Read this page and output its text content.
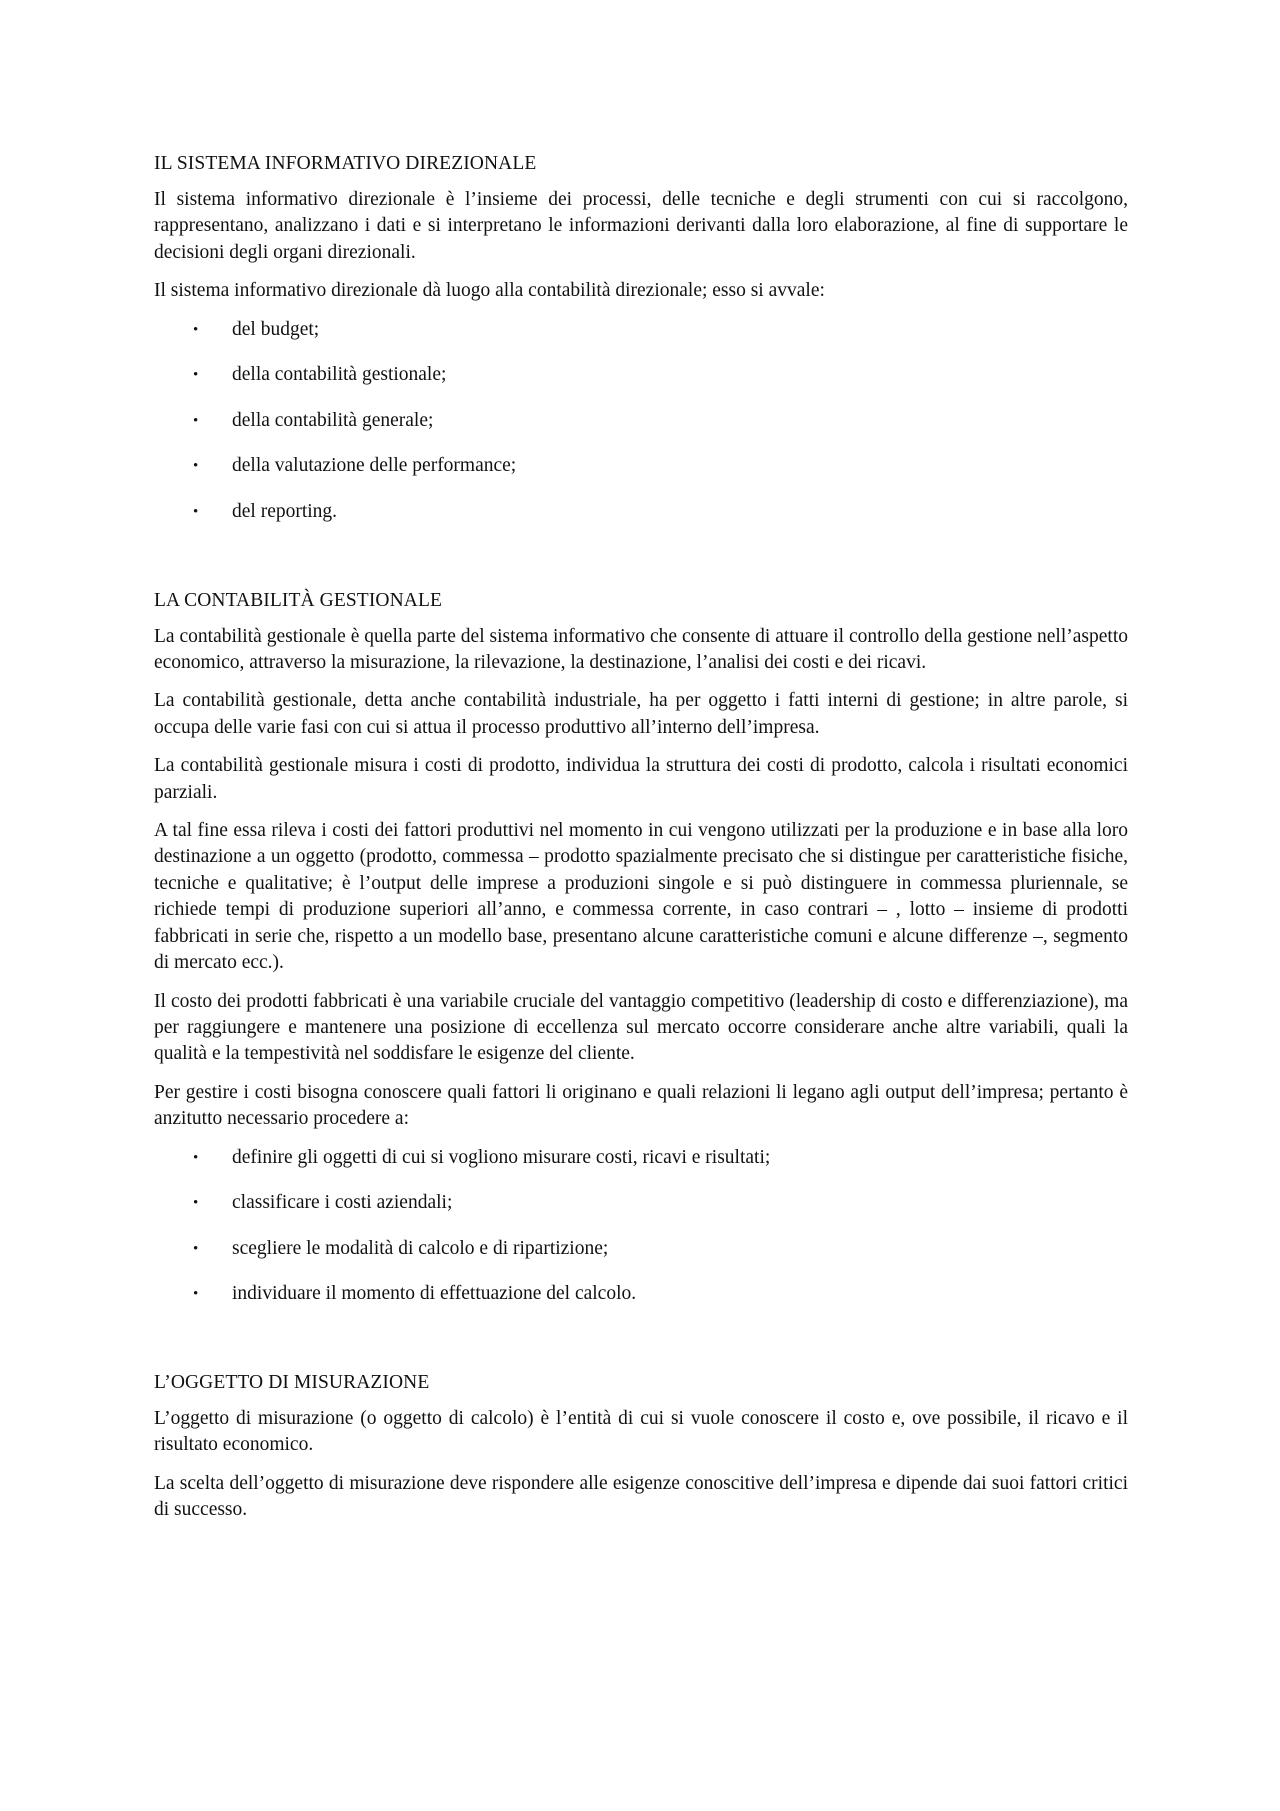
IL SISTEMA INFORMATIVO DIREZIONALE

Il sistema informativo direzionale è l’insieme dei processi, delle tecniche e degli strumenti con cui si raccolgono, rappresentano, analizzano i dati e si interpretano le informazioni derivanti dalla loro elaborazione, al fine di supportare le decisioni degli organi direzionali.

Il sistema informativo direzionale dà luogo alla contabilità direzionale; esso si avvale:

• del budget;
• della contabilità gestionale;
• della contabilità generale;
• della valutazione delle performance;
• del reporting.
LA CONTABILITÀ GESTIONALE

La contabilità gestionale è quella parte del sistema informativo che consente di attuare il controllo della gestione nell’aspetto economico, attraverso la misurazione, la rilevazione, la destinazione, l’analisi dei costi e dei ricavi.

La contabilità gestionale, detta anche contabilità industriale, ha per oggetto i fatti interni di gestione; in altre parole, si occupa delle varie fasi con cui si attua il processo produttivo all’interno dell’impresa.

La contabilità gestionale misura i costi di prodotto, individua la struttura dei costi di prodotto, calcola i risultati economici parziali.

A tal fine essa rileva i costi dei fattori produttivi nel momento in cui vengono utilizzati per la produzione e in base alla loro destinazione a un oggetto (prodotto, commessa – prodotto spazialmente precisato che si distingue per caratteristiche fisiche, tecniche e qualitative; è l’output delle imprese a produzioni singole e si può distinguere in commessa pluriennale, se richiede tempi di produzione superiori all’anno, e commessa corrente, in caso contrari – , lotto – insieme di prodotti fabbricati in serie che, rispetto a un modello base, presentano alcune caratteristiche comuni e alcune differenze –, segmento di mercato ecc.).

Il costo dei prodotti fabbricati è una variabile cruciale del vantaggio competitivo (leadership di costo e differenziazione), ma per raggiungere e mantenere una posizione di eccellenza sul mercato occorre considerare anche altre variabili, quali la qualità e la tempestività nel soddisfare le esigenze del cliente.

Per gestire i costi bisogna conoscere quali fattori li originano e quali relazioni li legano agli output dell’impresa; pertanto è anzitutto necessario procedere a:

• definire gli oggetti di cui si vogliono misurare costi, ricavi e risultati;
• classificare i costi aziendali;
• scegliere le modalità di calcolo e di ripartizione;
• individuare il momento di effettuazione del calcolo.
L’OGGETTO DI MISURAZIONE

L’oggetto di misurazione (o oggetto di calcolo) è l’entità di cui si vuole conoscere il costo e, ove possibile, il ricavo e il risultato economico.

La scelta dell’oggetto di misurazione deve rispondere alle esigenze conoscitive dell’impresa e dipende dai suoi fattori critici di successo.
